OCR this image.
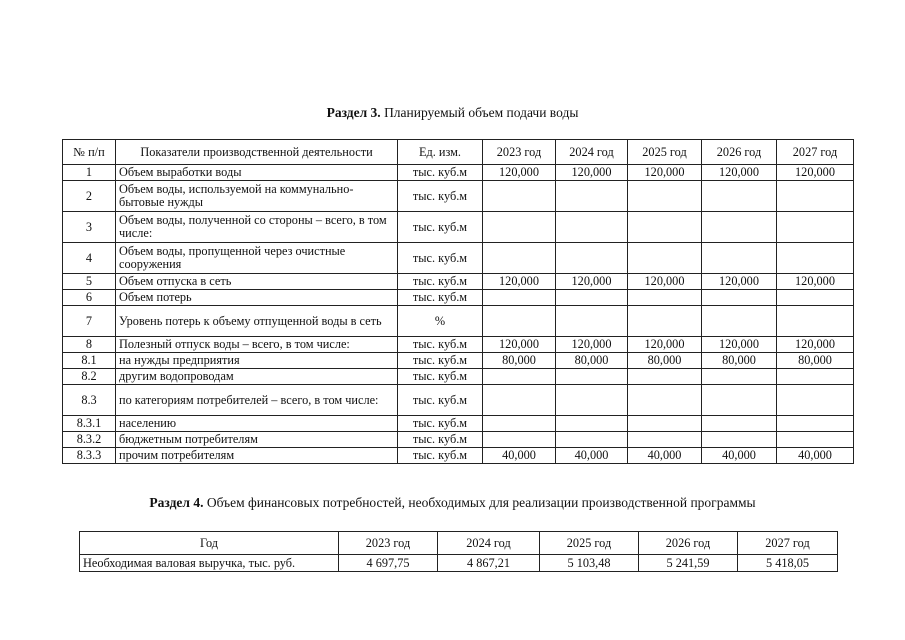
Раздел 3. Планируемый объем подачи воды
№ п/п	Показатели производственной деятельности	Ед. изм.	2023 год	2024 год	2025 год	2026 год	2027 год
1	Объем выработки воды	тыс. куб.м	120,000	120,000	120,000	120,000	120,000
2	Объем воды, используемой на коммунально-бытовые нужды	тыс. куб.м					
3	Объем воды, полученной со стороны – всего, в том числе:	тыс. куб.м					
4	Объем воды, пропущенной через очистные сооружения	тыс. куб.м					
5	Объем отпуска в сеть	тыс. куб.м	120,000	120,000	120,000	120,000	120,000
6	Объем потерь	тыс. куб.м					
7	Уровень потерь к объему отпущенной воды в сеть	%					
8	Полезный отпуск воды – всего, в том числе:	тыс. куб.м	120,000	120,000	120,000	120,000	120,000
8.1	на нужды предприятия	тыс. куб.м	80,000	80,000	80,000	80,000	80,000
8.2	другим водопроводам	тыс. куб.м					
8.3	по категориям потребителей – всего, в том числе:	тыс. куб.м					
8.3.1	населению	тыс. куб.м					
8.3.2	бюджетным потребителям	тыс. куб.м					
8.3.3	прочим потребителям	тыс. куб.м	40,000	40,000	40,000	40,000	40,000
Раздел 4. Объем финансовых потребностей, необходимых для реализации производственной программы
Год	2023 год	2024 год	2025 год	2026 год	2027 год
Необходимая валовая выручка, тыс. руб.	4 697,75	4 867,21	5 103,48	5 241,59	5 418,05
